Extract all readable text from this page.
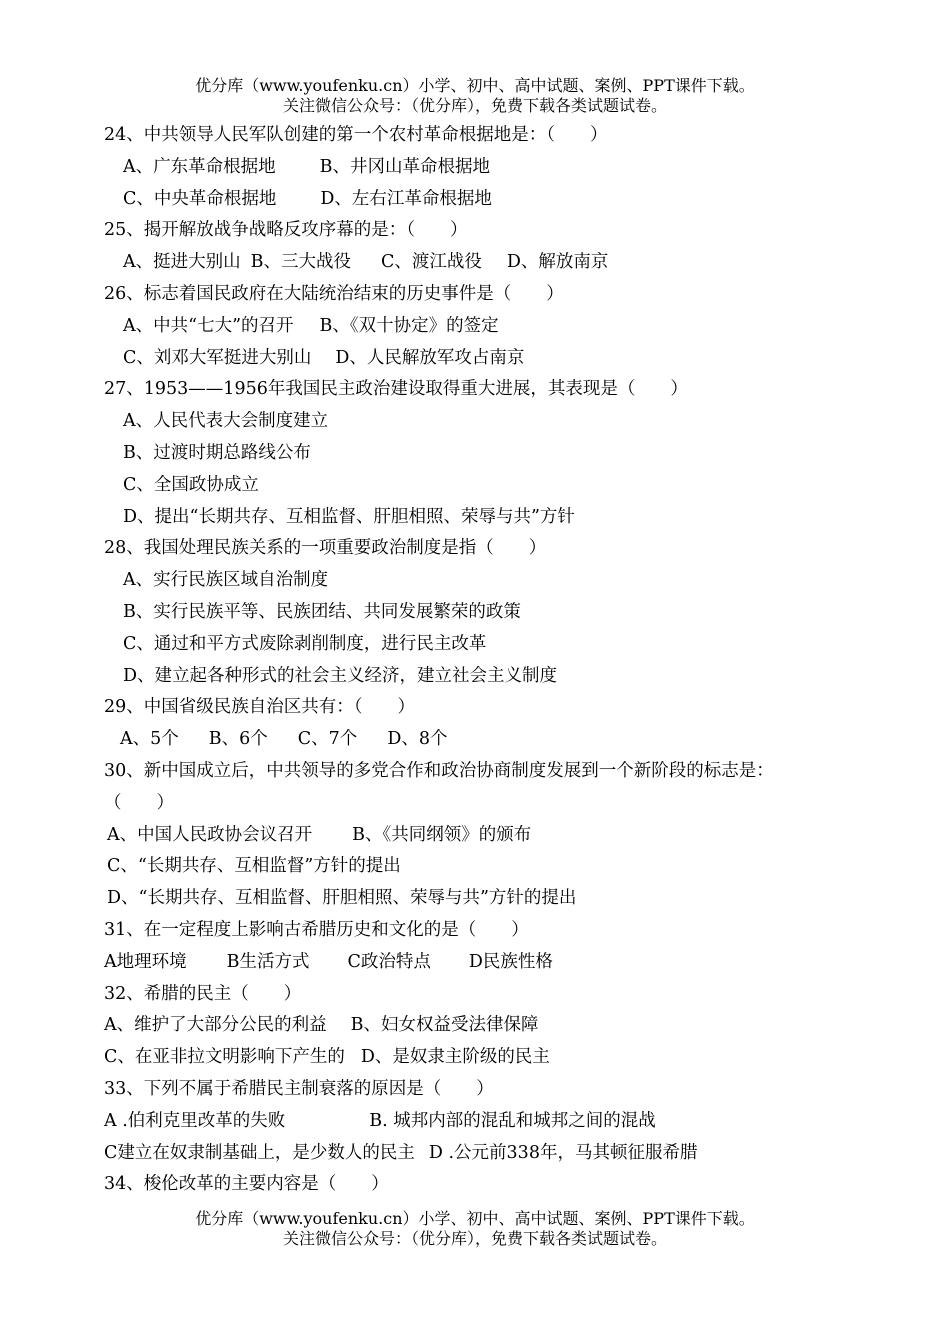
优分库（www.youfenku.cn）小学、初中、高中试题、案例、PPT课件下载。
关注微信公众号：（优分库），免费下载各类试题试卷。
24、中共领导人民军队创建的第一个农村革命根据地是：（　　）
A、广东革命根据地	B、井冈山革命根据地
C、中央革命根据地	D、左右江革命根据地
25、揭开解放战争战略反攻序幕的是：（　　）
A、挺进大别山 B、三大战役 C、渡江战役 D、解放南京
26、标志着国民政府在大陆统治结束的历史事件是（　　）
A、中共“七大”的召开 B、《双十协定》的签定
C、刘邓大军挺进大别山 D、人民解放军攻占南京
27、1953——1956年我国民主政治建设取得重大进展，其表现是（　　）
A、人民代表大会制度建立
B、过渡时期总路线公布
C、全国政协成立
D、提出“长期共存、互相监督、肝胆相照、荣辱与共”方针
28、我国处理民族关系的一项重要政治制度是指（　　）
A、实行民族区域自治制度
B、实行民族平等、民族团结、共同发展繁荣的政策
C、通过和平方式废除剥削制度，进行民主改革
D、建立起各种形式的社会主义经济，建立社会主义制度
29、中国省级民族自治区共有：（　　）
A、5个 B、6个 C、7个 D、8个
30、新中国成立后，中共领导的多党合作和政治协商制度发展到一个新阶段的标志是：
（　　）
A、中国人民政协会议召开 B、《共同纲领》的颁布
C、“长期共存、互相监督”方针的提出
D、“长期共存、互相监督、肝胆相照、荣辱与共”方针的提出
31、在一定程度上影响古希腊历史和文化的是（　　）
A地理环境 B生活方式 C政治特点 D民族性格
32、希腊的民主（　　）
A、维护了大部分公民的利益 B、妇女权益受法律保障
C、在亚非拉文明影响下产生的 D、是奴隶主阶级的民主
33、下列不属于希腊民主制衰落的原因是（　　）
A .伯利克里改革的失败	B. 城邦内部的混乱和城邦之间的混战
C建立在奴隶制基础上，是少数人的民主 D .公元前338年，马其顿征服希腊
34、梭伦改革的主要内容是（　　）
优分库（www.youfenku.cn）小学、初中、高中试题、案例、PPT课件下载。
关注微信公众号：（优分库），免费下载各类试题试卷。
